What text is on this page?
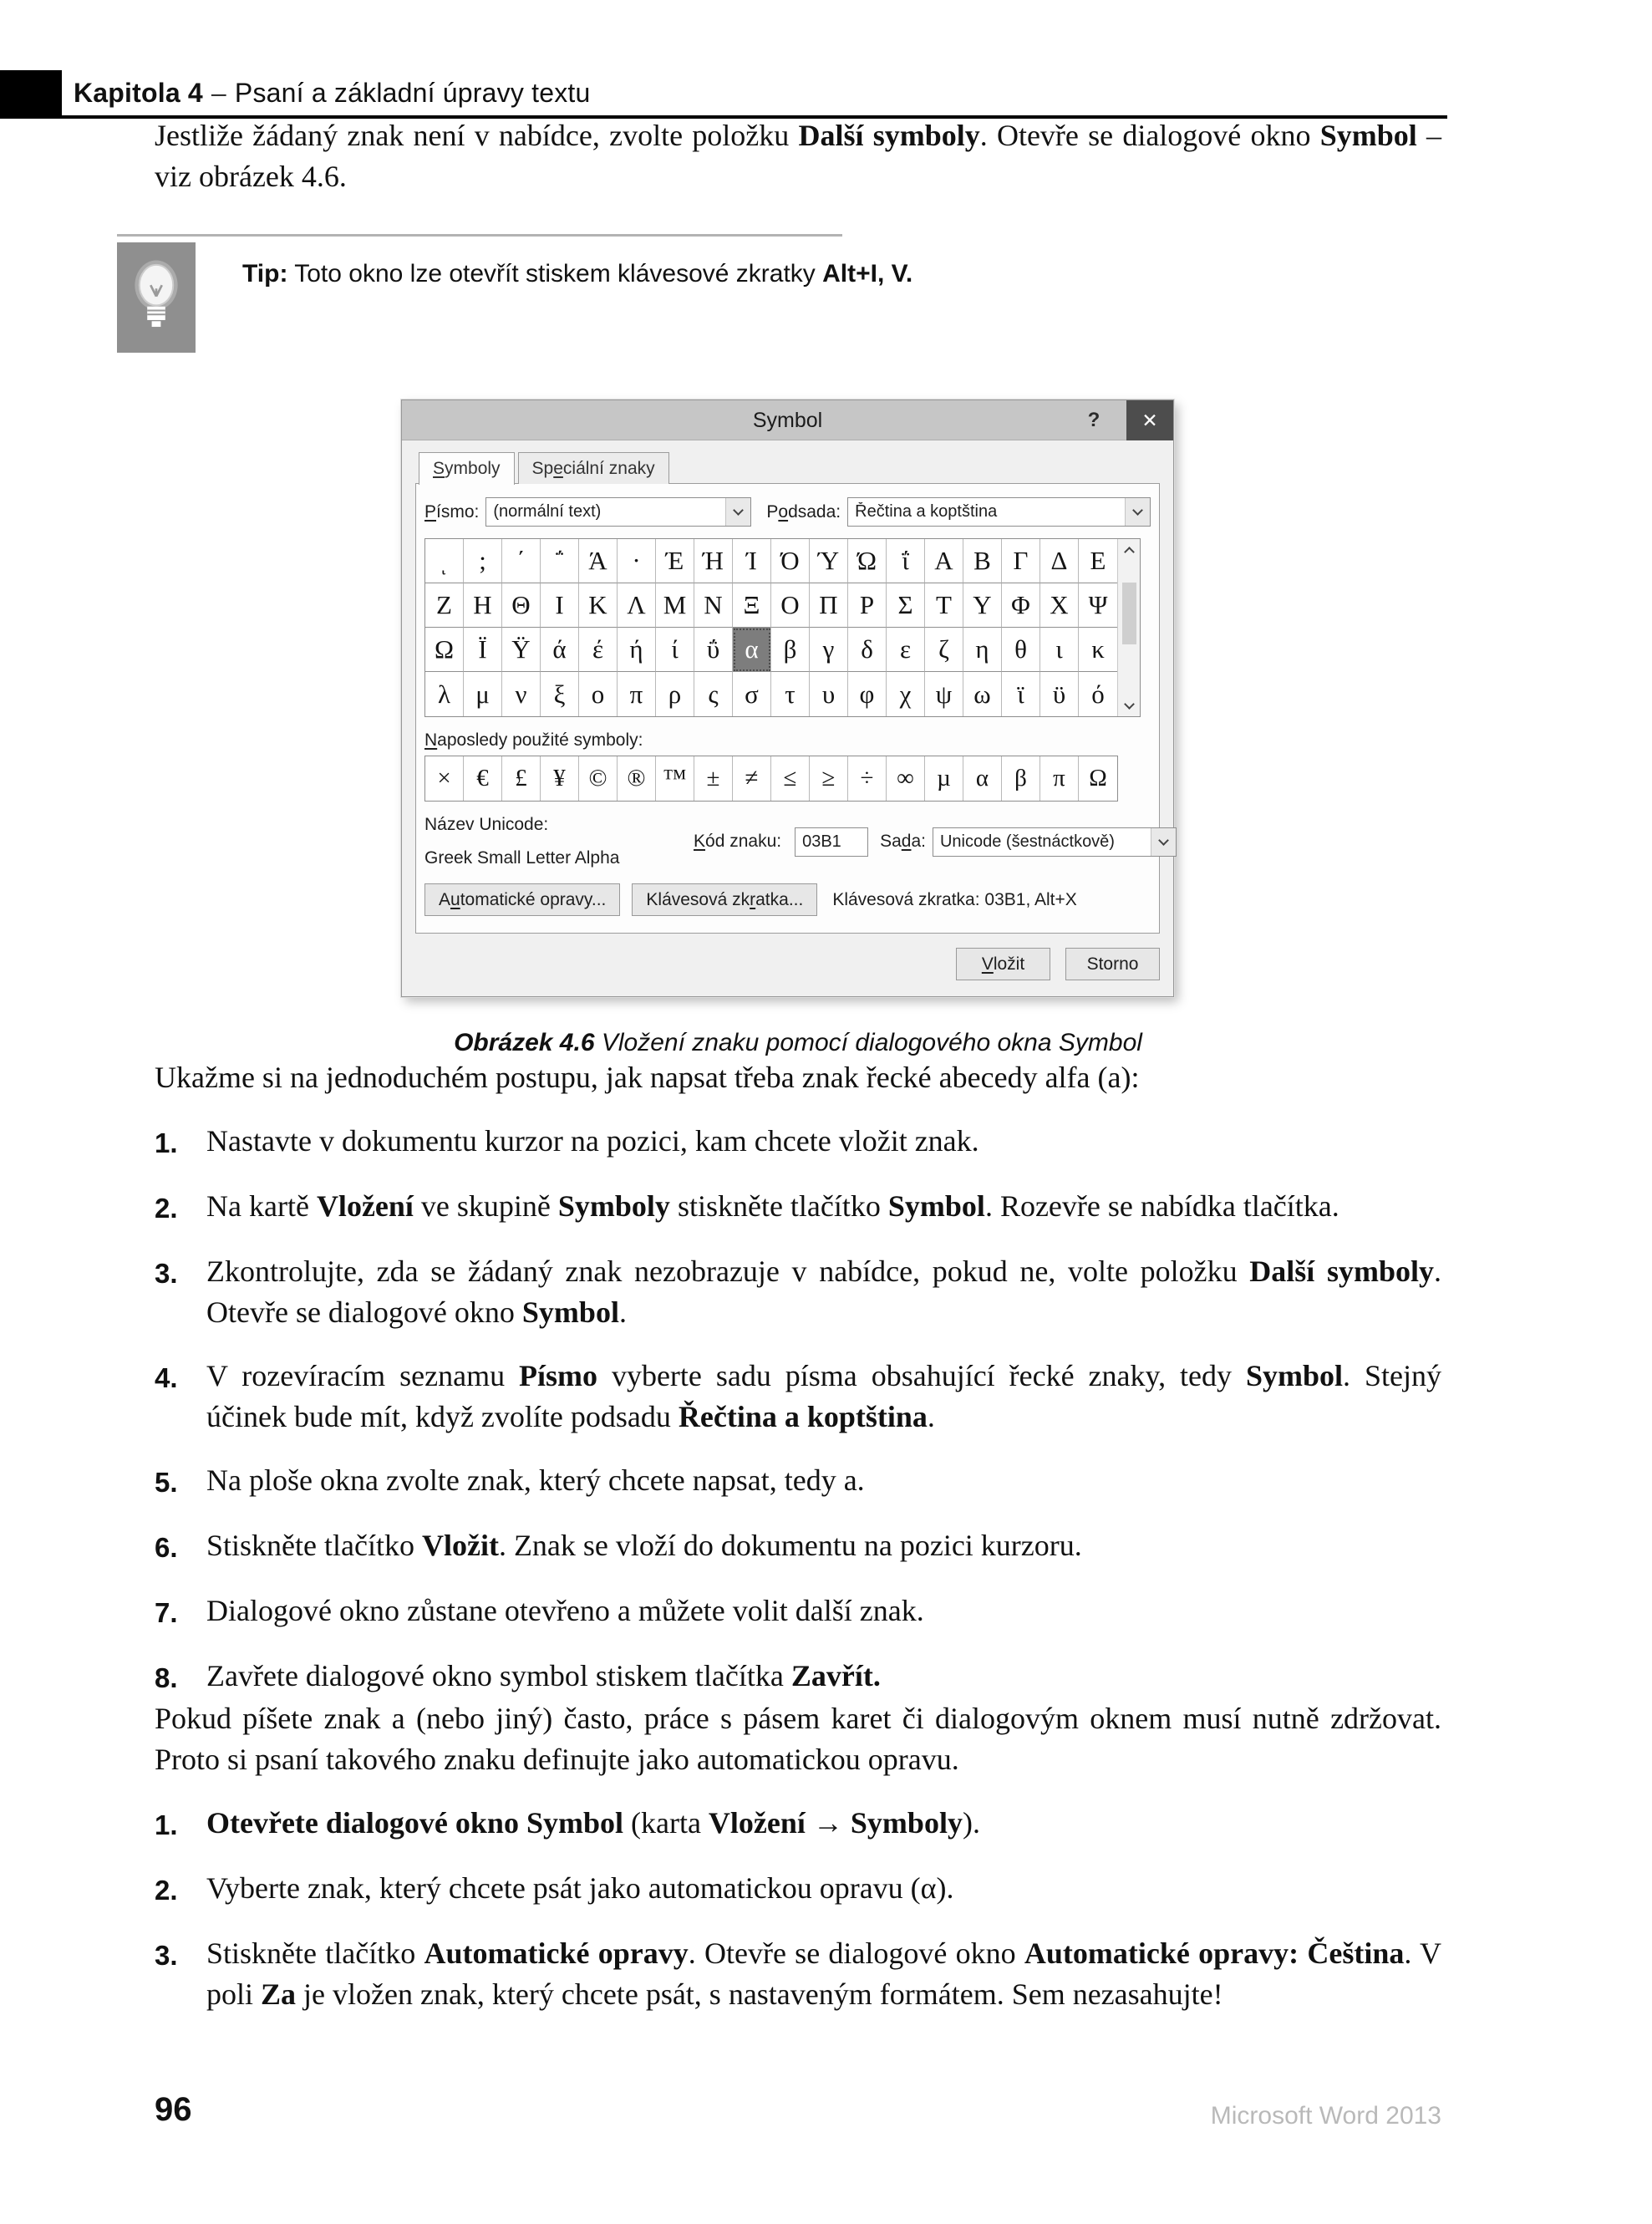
Kapitola 4 – Psaní a základní úpravy textu

Jestliže žádaný znak není v nabídce, zvolte položku Další symboly. Otevře se dialogové okno Symbol – viz obrázek 4.6.

Tip: Toto okno lze otevřít stiskem klávesové zkratky Alt+I, V.

Symbol	?	✕
Symboly	Speciální znaky
Písmo: (normální text)	Podsada: Řečtina a koptština
ͺ	;	΄	΅ Ά · Έ Ή Ί Ό Ύ Ώ ΐ Α Β Γ Δ Ε
Ζ Η Θ Ι Κ Λ Μ Ν Ξ Ο Π Ρ Σ Τ Υ Φ Χ Ψ
Ω Ϊ Ϋ ά	έ	ή	ί	ΰ α β	γ	δ	ε	ζ	η θ	ι	κ
λ μ ν	ξ	ο π ρ	ς	σ	τ	υ φ χ ψ ω	ϊ	ϋ	ό
Naposledy použité symboly:
×	€	£	¥ © ® ™ ±	≠	≤	≥	÷ ∞ µ	α	β	π Ω
Název Unicode:
Greek Small Letter Alpha
Kód znaku:	03B1	Sada: Unicode (šestnáctkově)
A u tomatické opravy...	Klávesová zk r atka...	Klávesová zkratka: 03B1, Alt+X
V ložit	Storno
Obrázek 4.6 Vložení znaku pomocí dialogového okna Symbol

Ukažme si na jednoduchém postupu, jak napsat třeba znak řecké abecedy alfa (a):

1. Nastavte v dokumentu kurzor na pozici, kam chcete vložit znak.
2. Na kartě Vložení ve skupině Symboly stiskněte tlačítko Symbol. Rozevře se nabídka tlačítka.
3. Zkontrolujte, zda se žádaný znak nezobrazuje v nabídce, pokud ne, volte položku Další symboly. Otevře se dialogové okno Symbol.
4. V rozevíracím seznamu Písmo vyberte sadu písma obsahující řecké znaky, tedy Symbol. Stejný účinek bude mít, když zvolíte podsadu Řečtina a koptština.
5. Na ploše okna zvolte znak, který chcete napsat, tedy a.
6. Stiskněte tlačítko Vložit. Znak se vloží do dokumentu na pozici kurzoru.
7. Dialogové okno zůstane otevřeno a můžete volit další znak.
8. Zavřete dialogové okno symbol stiskem tlačítka Zavřít.

Pokud píšete znak a (nebo jiný) často, práce s pásem karet či dialogovým oknem musí nutně zdržovat. Proto si psaní takového znaku definujte jako automatickou opravu.

1. Otevřete dialogové okno Symbol (karta Vložení → Symboly).
2. Vyberte znak, který chcete psát jako automatickou opravu (α).
3. Stiskněte tlačítko Automatické opravy. Otevře se dialogové okno Automatické opravy: Čeština. V poli Za je vložen znak, který chcete psát, s nastaveným formátem. Sem nezasahujte!
96	Microsoft Word 2013
